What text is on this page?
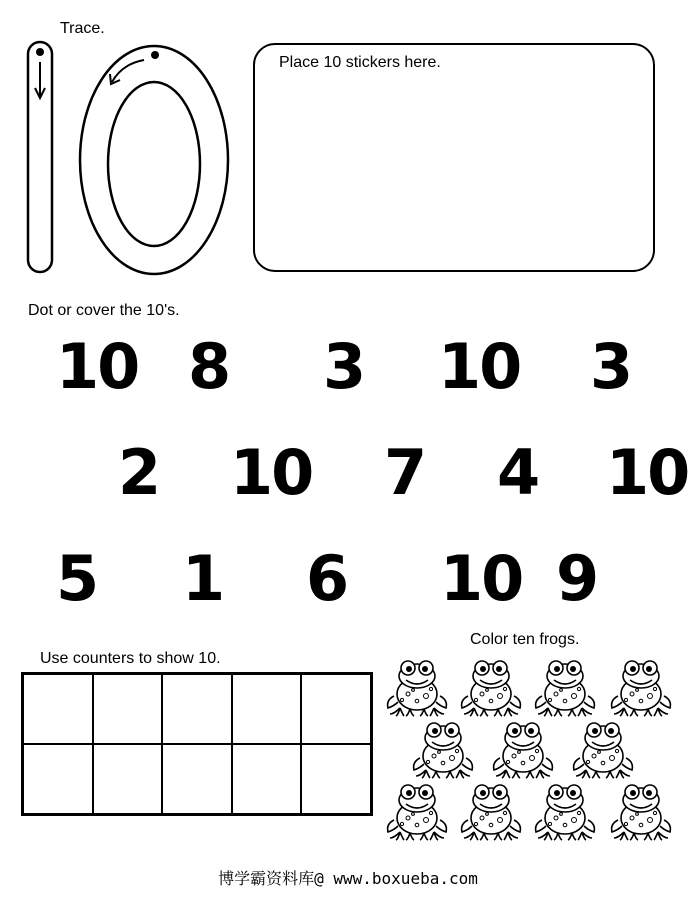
Trace.
Place 10 stickers here.
Dot or cover the 10's.
10 8 3 10 3
2 10 7 4 10
5 1 6 10 9
Use counters to show 10.
Color ten frogs.
博学霸资料库@ www.boxueba.com
